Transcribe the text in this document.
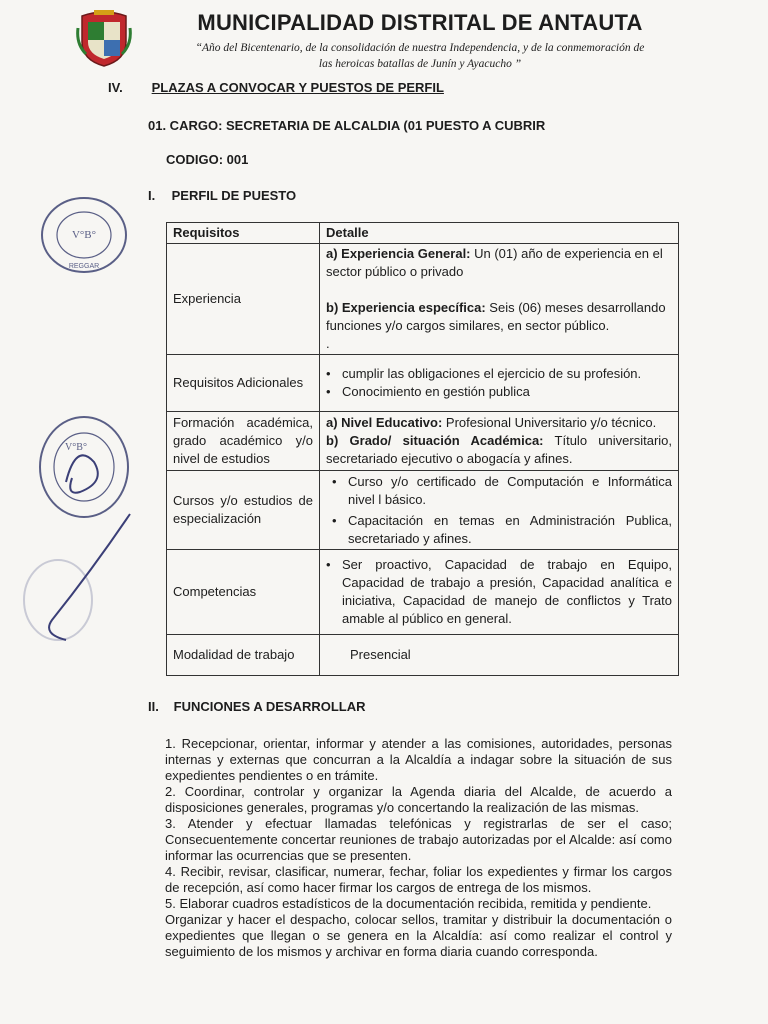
MUNICIPALIDAD DISTRITAL DE ANTAUTA
“Año del Bicentenario, de la consolidación de nuestra Independencia, y de la conmemoración de
las heroicas batallas de Junín y Ayacucho ”
IV. PLAZAS A CONVOCAR Y PUESTOS DE PERFIL
01. CARGO: SECRETARIA DE ALCALDIA (01 PUESTO A CUBRIR
CODIGO: 001
I. PERFIL DE PUESTO
V°B°
REGGAR
V°B°
Requisitos	Detalle
Experiencia	a) Experiencia General: Un (01) año de experiencia en el sector público o privado
b) Experiencia específica: Seis (06) meses desarrollando funciones y/o cargos similares, en sector público.
.

Requisitos Adicionales	• cumplir las obligaciones el ejercicio de su profesión.
• Conocimiento en gestión publica

Formación académica, grado académico y/o nivel de estudios	a) Nivel Educativo: Profesional Universitario y/o técnico.
b) Grado/ situación Académica: Título universitario, secretariado ejecutivo o abogacía y afines.

Cursos y/o estudios de especialización	• Curso y/o certificado de Computación e Informática nivel l básico.
• Capacitación en temas en Administración Publica, secretariado y afines.

Competencias	• Ser proactivo, Capacidad de trabajo en Equipo, Capacidad de trabajo a presión, Capacidad analítica e iniciativa, Capacidad de manejo de conflictos y Trato amable al público en general.

Modalidad de trabajo	Presencial
II. FUNCIONES A DESARROLLAR

1. Recepcionar, orientar, informar y atender a las comisiones, autoridades, personas internas y externas que concurran a la Alcaldía a indagar sobre la situación de sus expedientes pendientes o en trámite.

2. Coordinar, controlar y organizar la Agenda diaria del Alcalde, de acuerdo a disposiciones generales, programas y/o concertando la realización de las mismas.

3. Atender y efectuar llamadas telefónicas y registrarlas de ser el caso; Consecuentemente concertar reuniones de trabajo autorizadas por el Alcalde: así como informar las ocurrencias que se presenten.

4. Recibir, revisar, clasificar, numerar, fechar, foliar los expedientes y firmar los cargos de recepción, así como hacer firmar los cargos de entrega de los mismos.

5. Elaborar cuadros estadísticos de la documentación recibida, remitida y pendiente.

Organizar y hacer el despacho, colocar sellos, tramitar y distribuir la documentación o expedientes que llegan o se genera en la Alcaldía: así como realizar el control y seguimiento de los mismos y archivar en forma diaria cuando corresponda.
